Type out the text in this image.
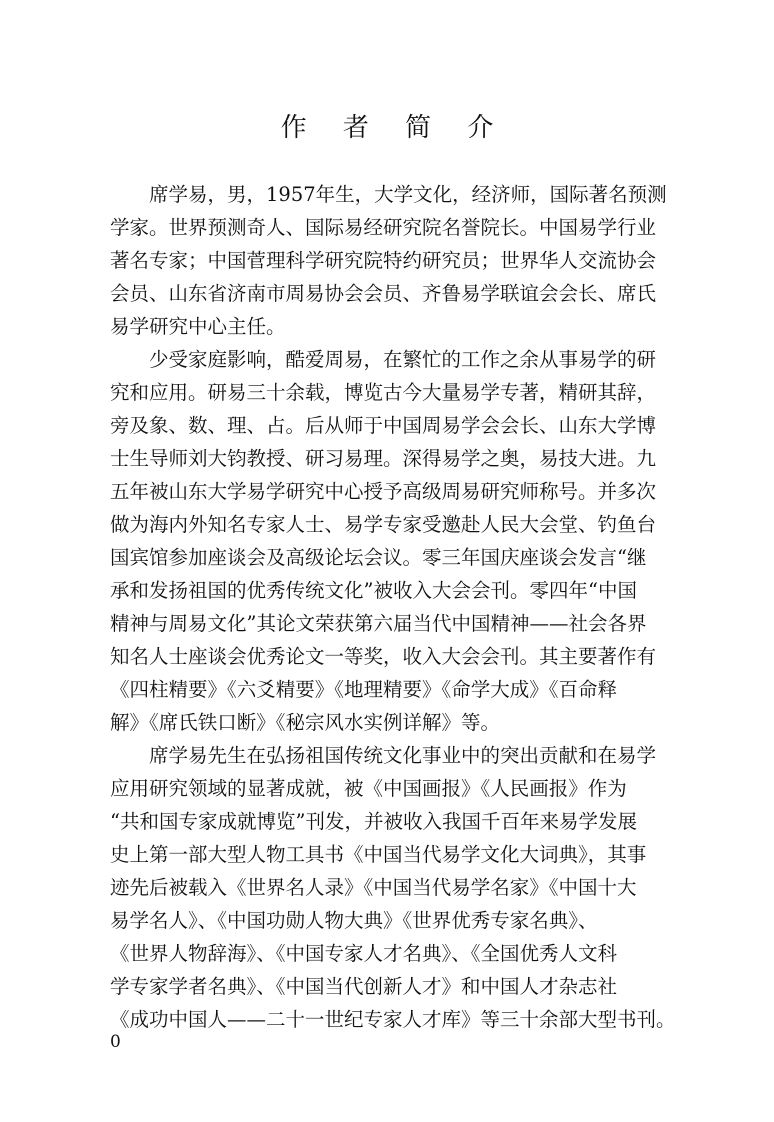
作 者 简 介
席学易，男，1957年生，大学文化，经济师，国际著名预测
学家。世界预测奇人、国际易经研究院名誉院长。中国易学行业
著名专家；中国菅理科学研究院特约研究员；世界华人交流协会
会员、山东省济南市周易协会会员、齐鲁易学联谊会会长、席氏
易学研究中心主任。
少受家庭影响，酷爱周易，在繁忙的工作之余从事易学的研
究和应用。研易三十余载，博览古今大量易学专著，精研其辞，
旁及象、数、理、占。后从师于中国周易学会会长、山东大学博
士生导师刘大钧教授、研习易理。深得易学之奥，易技大进。九
五年被山东大学易学研究中心授予高级周易研究师称号。并多次
做为海内外知名专家人士、易学专家受邀赴人民大会堂、钓鱼台
国宾馆参加座谈会及高级论坛会议。零三年国庆座谈会发言“继
承和发扬祖国的优秀传统文化”被收入大会会刊。零四年“中国
精神与周易文化”其论文荣获第六届当代中国精神——社会各界
知名人士座谈会优秀论文一等奖，收入大会会刊。其主要著作有
《四柱精要》《六爻精要》《地理精要》《命学大成》《百命释
解》《席氏铁口断》《秘宗风水实例详解》等。
席学易先生在弘扬祖国传统文化事业中的突出贡献和在易学
应用研究领域的显著成就，被《中国画报》《人民画报》作为
“共和国专家成就博览”刊发，并被收入我国千百年来易学发展
史上第一部大型人物工具书《中国当代易学文化大词典》，其事
迹先后被载入《世界名人录》《中国当代易学名家》《中国十大
易学名人》、《中国功勋人物大典》《世界优秀专家名典》、
《世界人物辞海》、《中国专家人才名典》、《全国优秀人文科
学专家学者名典》、《中国当代创新人才》和中国人才杂志社
《成功中国人——二十一世纪专家人才库》等三十余部大型书刊。
0
